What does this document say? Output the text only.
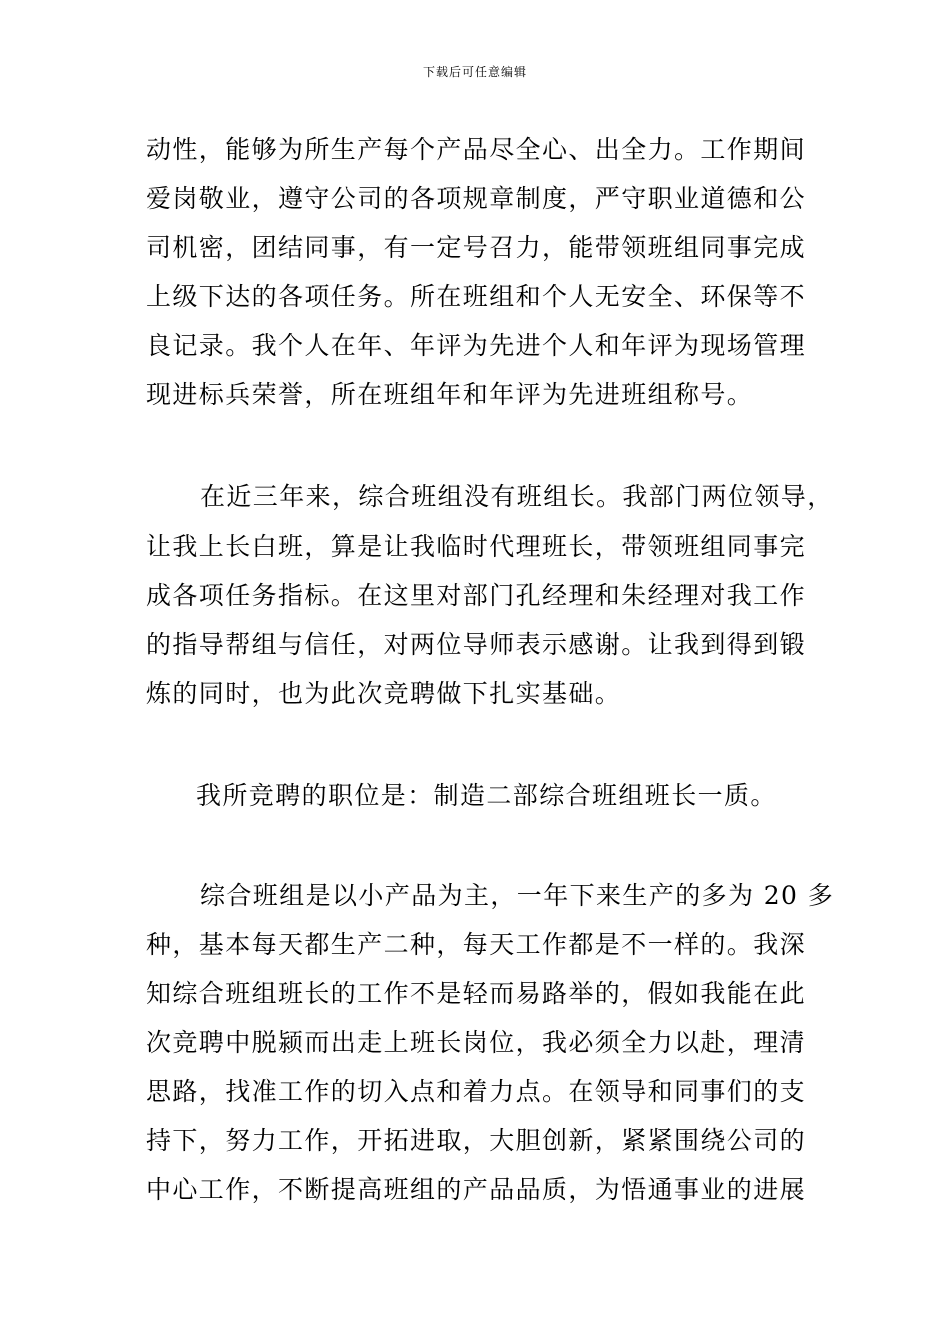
下载后可任意编辑
动性，能够为所生产每个产品尽全心、出全力。工作期间
爱岗敬业，遵守公司的各项规章制度，严守职业道德和公
司机密，团结同事，有一定号召力，能带领班组同事完成
上级下达的各项任务。所在班组和个人无安全、环保等不
良记录。我个人在年、年评为先进个人和年评为现场管理
现进标兵荣誉，所在班组年和年评为先进班组称号。
在近三年来，综合班组没有班组长。我部门两位领导，
让我上长白班，算是让我临时代理班长，带领班组同事完
成各项任务指标。在这里对部门孔经理和朱经理对我工作
的指导帮组与信任，对两位导师表示感谢。让我到得到锻
炼的同时，也为此次竞聘做下扎实基础。
我所竞聘的职位是：制造二部综合班组班长一质。
综合班组是以小产品为主，一年下来生产的多为 20 多
种，基本每天都生产二种，每天工作都是不一样的。我深
知综合班组班长的工作不是轻而易路举的，假如我能在此
次竞聘中脱颍而出走上班长岗位，我必须全力以赴，理清
思路，找准工作的切入点和着力点。在领导和同事们的支
持下，努力工作，开拓进取，大胆创新，紧紧围绕公司的
中心工作，不断提高班组的产品品质，为悟通事业的进展
